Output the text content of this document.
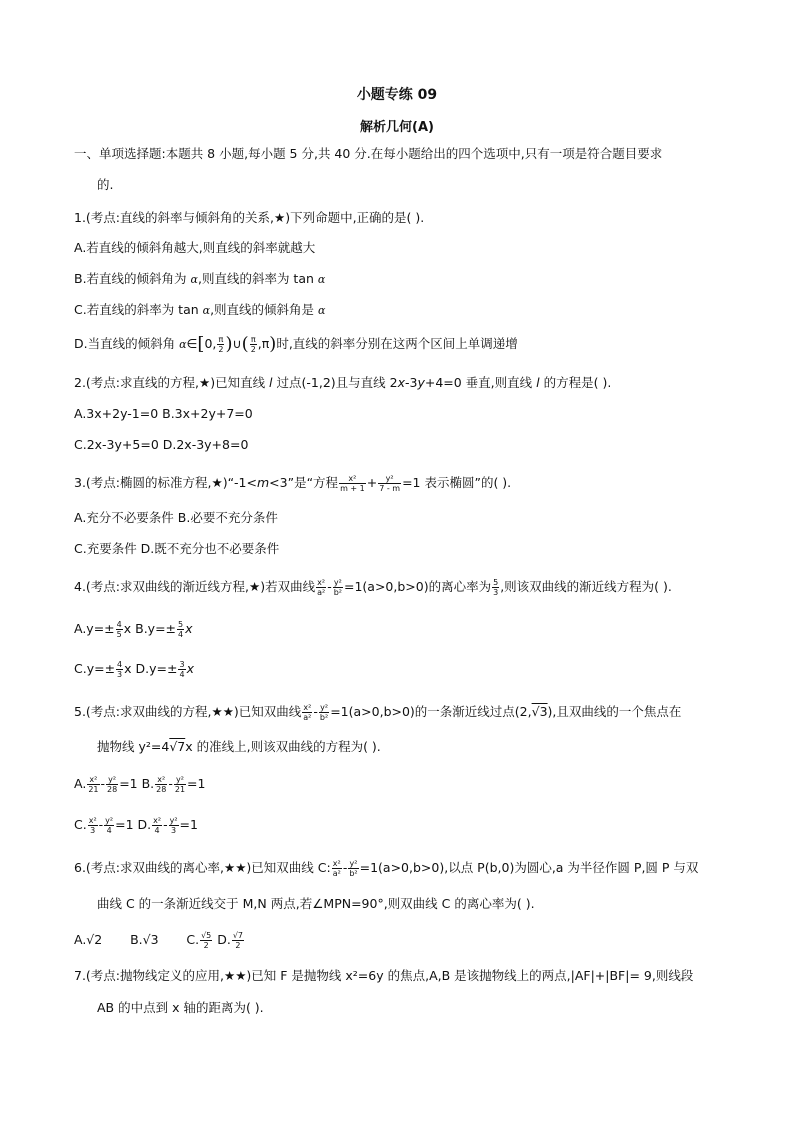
小题专练 09
解析几何(A)
一、单项选择题:本题共 8 小题,每小题 5 分,共 40 分.在每小题给出的四个选项中,只有一项是符合题目要求
的.
1.(考点:直线的斜率与倾斜角的关系,★)下列命题中,正确的是( ).
A.若直线的倾斜角越大,则直线的斜率就越大
B.若直线的倾斜角为 α,则直线的斜率为 tan α
C.若直线的斜率为 tan α,则直线的倾斜角是 α
D.当直线的倾斜角 α∈[0, $\frac{\pi}{2}$ )∪( $\frac{\pi}{2} ,\pi$)时,直线的斜率分别在这两个区间上单调递增
2.(考点:求直线的方程,★)已知直线 l 过点(-1,2)且与直线 2x-3y+4=0 垂直,则直线 l 的方程是( ).
A.3x+2y-1=0 B.3x+2y+7=0
C.2x-3y+5=0 D.2x-3y+8=0
3.(考点:椭圆的标准方程,★)“-1<m<3”是“方程 $\frac{\text{x²}}{m + 1} + \frac{\text{y²}}{7 - m} =1$ 表示椭圆”的( ).
A.充分不必要条件 B.必要不充分条件
C.充要条件 D.既不充分也不必要条件
4.(考点:求双曲线的渐近线方程,★)若双曲线 $\frac{\text{x²}}{\text{a²}} - \frac{\text{y²}}{\text{b²}} =1(a>0,b>0)$的离心率为 $\frac{5}{3}$ ,则该双曲线的渐近线方程为( ).
$A.y=\pm \frac{4}{5}$ x $B.y=\pm \frac{5}{4}$ x
$C.y=\pm \frac{4}{3}$ x $D.y=\pm \frac{3}{4}$ x
5.(考点:求双曲线的方程,★★)已知双曲线 $\frac{\text{x²}}{\text{a²}} - \frac{\text{y²}}{\text{b²}} =1(a>0,b>0)$的一条渐近线过点(2,√3),且双曲线的一个焦点在
抛物线 y²=4√7x 的准线上,则该双曲线的方程为( ).
A. $\frac{\text{x²}}{21} - \frac{\text{y²}}{28} =1$ B. $\frac{\text{x²}}{28} - \frac{\text{y²}}{21} =1$
C. $\frac{\text{x²}}{3} - \frac{\text{y²}}{4} =1$ D. $\frac{\text{x²}}{4} - \frac{\text{y²}}{3} =1$
6.(考点:求双曲线的离心率,★★)已知双曲线 C: $\frac{\text{x²}}{\text{a²}} - \frac{\text{y²}}{\text{b²}} =1(a>0,b>0)$,以点 P(b,0)为圆心,a 为半径作圆 P,圆 P 与双
曲线 C 的一条渐近线交于 M,N 两点,若∠MPN=90°,则双曲线 C 的离心率为( ).
A.√2 B.√3 C. $\frac{√5}{2} D$. $\frac{√7}{2}$
7.(考点:抛物线定义的应用,★★)已知 F 是抛物线 x²=6y 的焦点,A,B 是该抛物线上的两点,|AF|+|BF|= 9,则线段
AB 的中点到 x 轴的距离为( ).
